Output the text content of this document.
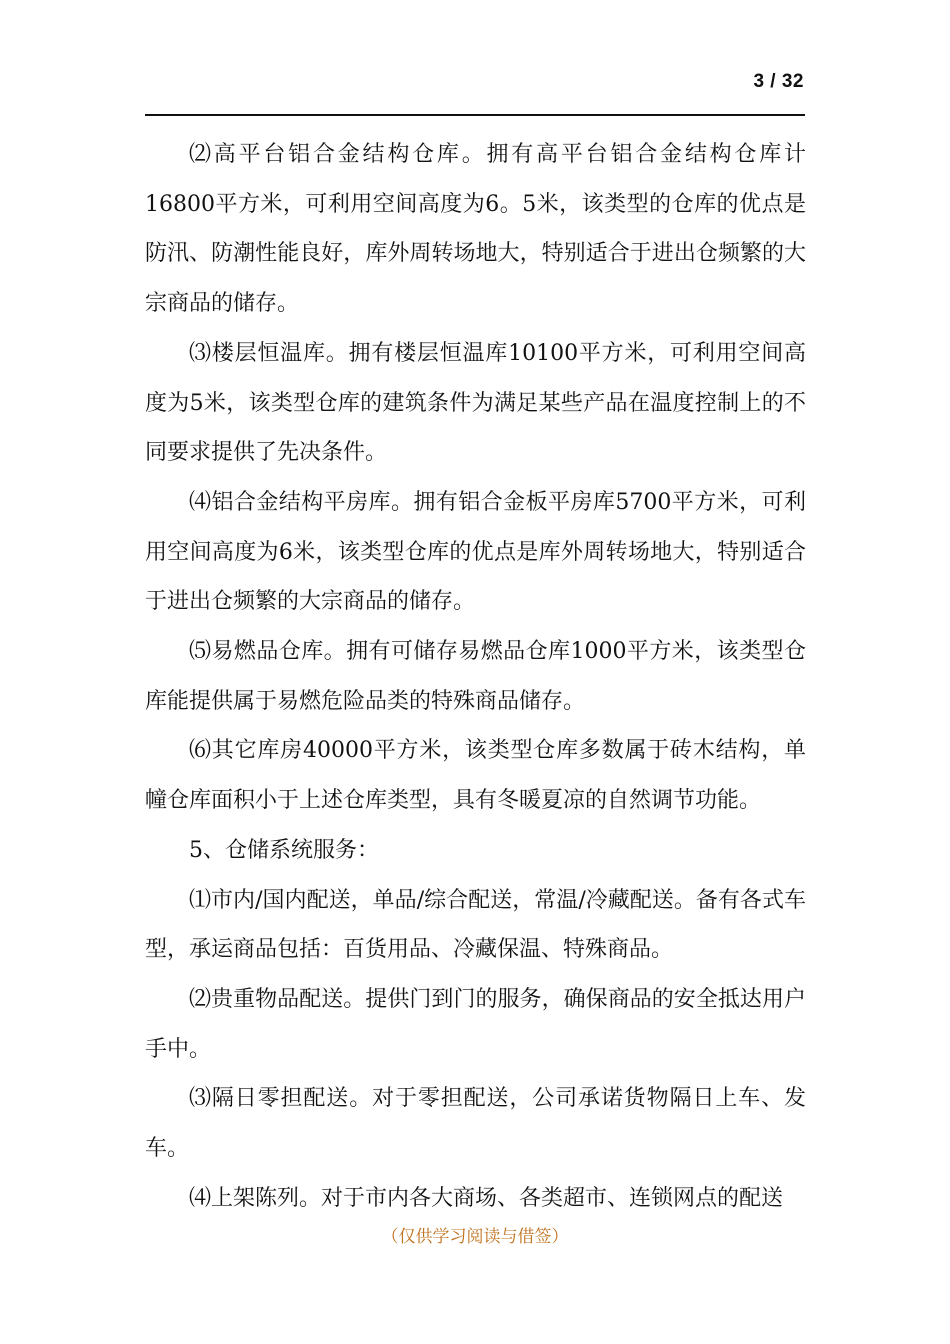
3 / 32

⑵高平台铝合金结构仓库。拥有高平台铝合金结构仓库计16800平方米，可利用空间高度为6。5米，该类型的仓库的优点是防汛、防潮性能良好，库外周转场地大，特别适合于进出仓频繁的大宗商品的储存。

⑶楼层恒温库。拥有楼层恒温库10100平方米，可利用空间高度为5米，该类型仓库的建筑条件为满足某些产品在温度控制上的不同要求提供了先决条件。

⑷铝合金结构平房库。拥有铝合金板平房库5700平方米，可利用空间高度为6米，该类型仓库的优点是库外周转场地大，特别适合于进出仓频繁的大宗商品的储存。

⑸易燃品仓库。拥有可储存易燃品仓库1000平方米，该类型仓库能提供属于易燃危险品类的特殊商品储存。

⑹其它库房40000平方米，该类型仓库多数属于砖木结构，单幢仓库面积小于上述仓库类型，具有冬暖夏凉的自然调节功能。

5、仓储系统服务：

⑴市内/国内配送，单品/综合配送，常温/冷藏配送。备有各式车型，承运商品包括：百货用品、冷藏保温、特殊商品。

⑵贵重物品配送。提供门到门的服务，确保商品的安全抵达用户手中。

⑶隔日零担配送。对于零担配送，公司承诺货物隔日上车、发车。

⑷上架陈列。对于市内各大商场、各类超市、连锁网点的配送

（仅供学习阅读与借签）
